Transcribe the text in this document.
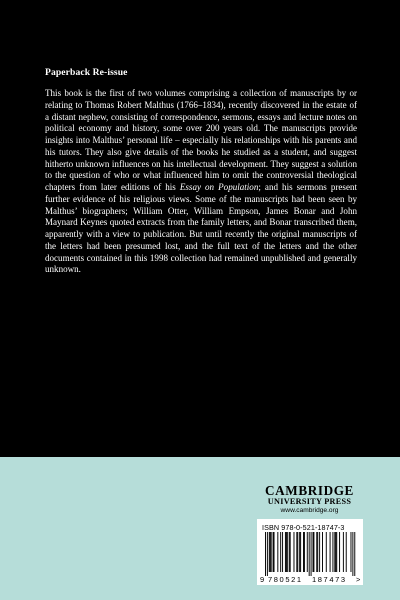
Paperback Re-issue
This book is the first of two volumes comprising a collection of manuscripts by or relating to Thomas Robert Malthus (1766–1834), recently discovered in the estate of a distant nephew, consisting of correspondence, sermons, essays and lecture notes on political economy and history, some over 200 years old. The manuscripts provide insights into Malthus’ personal life – especially his relationships with his parents and his tutors. They also give details of the books he studied as a student, and suggest hitherto unknown influences on his intellectual development. They suggest a solution to the question of who or what influenced him to omit the controversial theological chapters from later editions of his Essay on Population; and his sermons present further evidence of his religious views. Some of the manuscripts had been seen by Malthus’ biographers; William Otter, William Empson, James Bonar and John Maynard Keynes quoted extracts from the family letters, and Bonar transcribed them, apparently with a view to publication. But until recently the original manuscripts of the letters had been presumed lost, and the full text of the letters and the other documents contained in this 1998 collection had remained unpublished and generally unknown.
CAMBRIDGE
UNIVERSITY PRESS
www.cambridge.org
ISBN 978-0-521-18747-3
9 780521 187473 >
